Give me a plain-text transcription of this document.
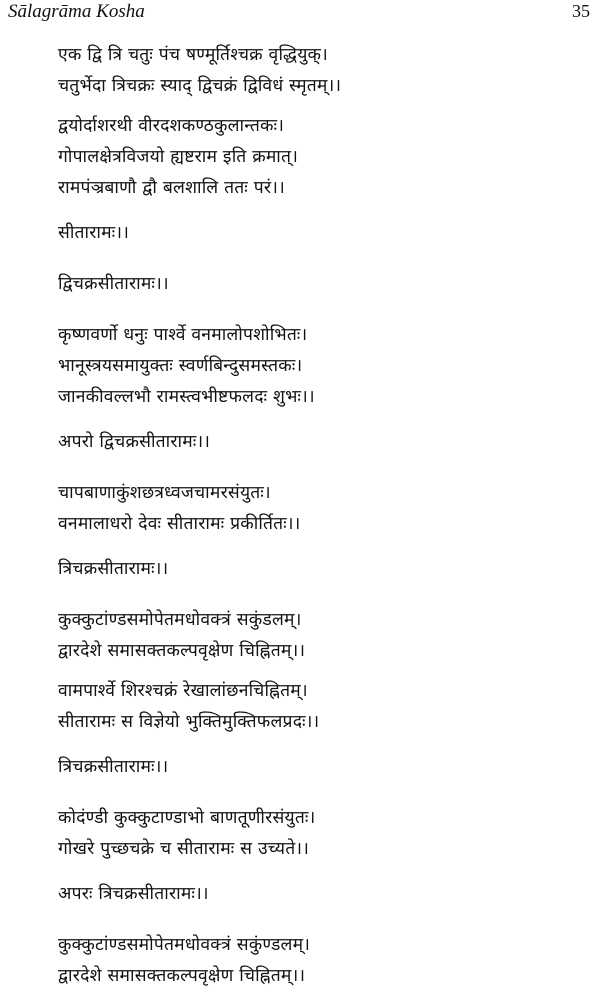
Sālagrāma Kosha	35
एक द्वि त्रि चतुः पंच षण्मूर्तिश्चक्र वृद्धियुक्।
चतुर्भेदा त्रिचक्रः स्याद् द्विचक्रं द्विविधं स्मृतम्।।
द्वयोर्दाशरथी वीरदशकण्ठकुलान्तकः।
गोपालक्षेत्रविजयो ह्यष्टराम इति क्रमात्।
रामपंञ्रबाणौ द्वौ बलशालि ततः परं।।
सीतारामः।।
द्विचक्रसीतारामः।।
कृष्णवर्णो धनुः पार्श्वे वनमालोपशोभितः।
भानूस्त्रयसमायुक्तः स्वर्णबिन्दुसमस्तकः।
जानकीवल्लभौ रामस्त्वभीष्टफलदः शुभः।।
अपरो द्विचक्रसीतारामः।।
चापबाणाकुंशछत्रध्वजचामरसंयुतः।
वनमालाधरो देवः सीतारामः प्रकीर्तितः।।
त्रिचक्रसीतारामः।।
कुक्कुटांण्डसमोपेतमधोवक्त्रं सकुंडलम्।
द्वारदेशे समासक्तकल्पवृक्षेण चिह्नितम्।।
वामपार्श्वे शिरश्चक्रं रेखालांछनचिह्नितम्।
सीतारामः स विज्ञेयो भुक्तिमुक्तिफलप्रदः।।
त्रिचक्रसीतारामः।।
कोदंण्डी कुक्कुटाण्डाभो बाणतूणीरसंयुतः।
गोखरे पुच्छचक्रे च सीतारामः स उच्यते।।
अपरः त्रिचक्रसीतारामः।।
कुक्कुटांण्डसमोपेतमधोवक्त्रं सकुंण्डलम्।
द्वारदेशे समासक्तकल्पवृक्षेण चिह्नितम्।।
